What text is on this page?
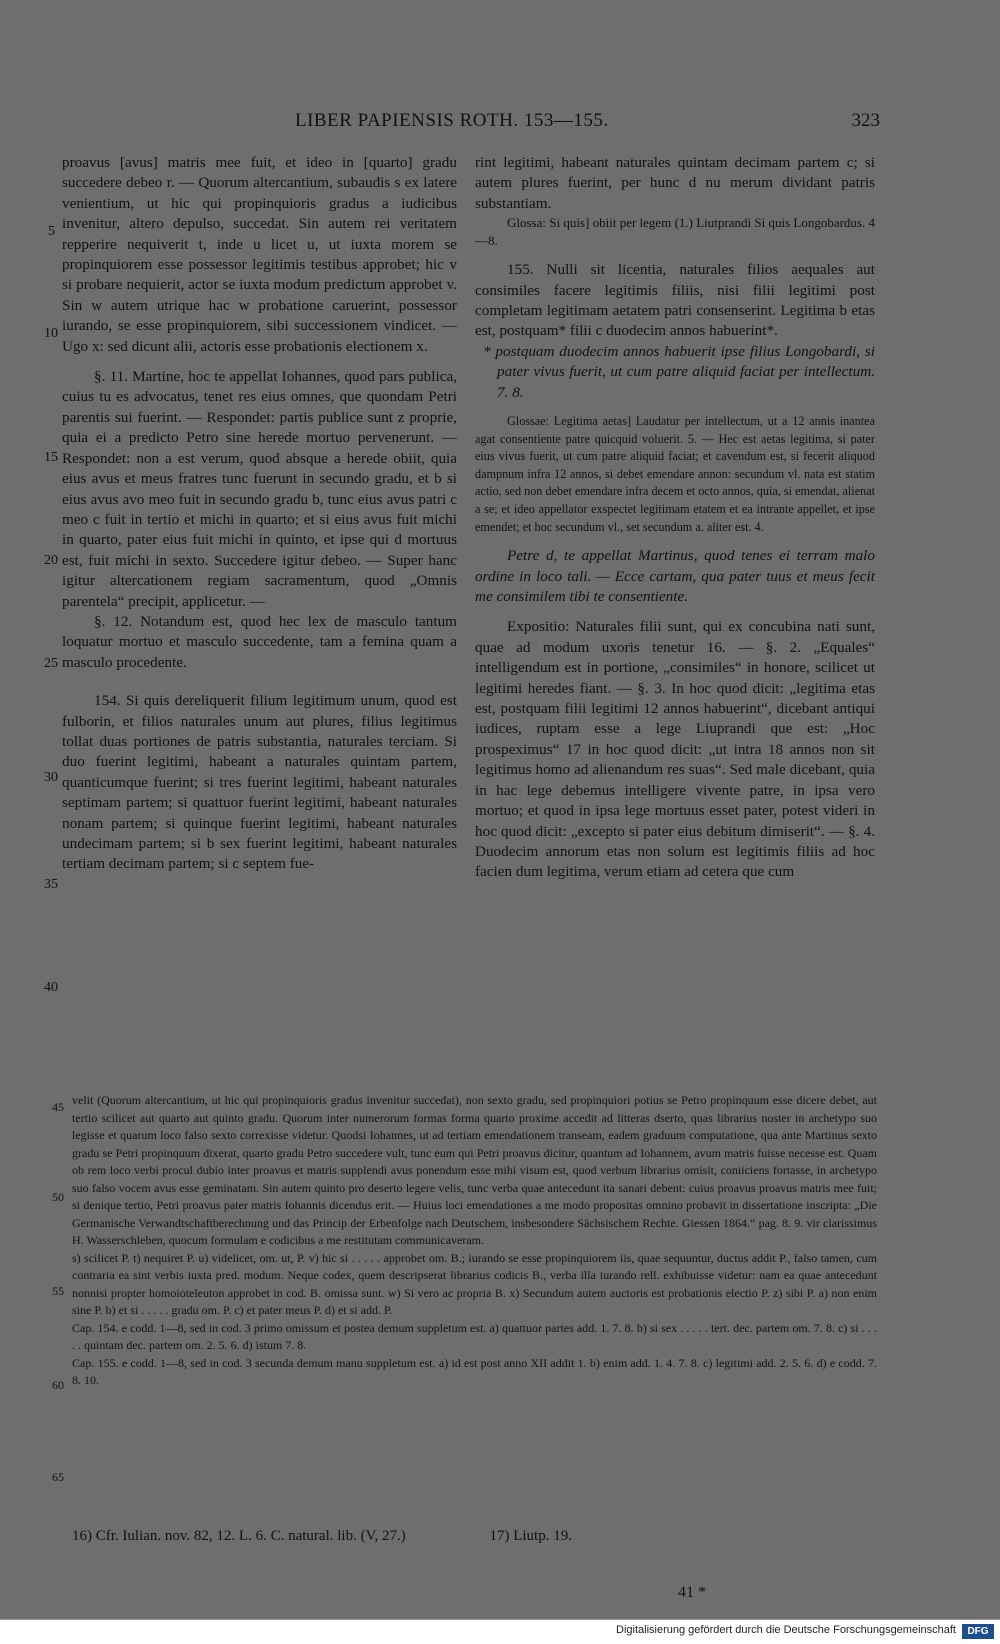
LIBER PAPIENSIS ROTH. 153—155.	323

proavus [avus] matris mee fuit, et ideo in [quarto] gradu succedere debeo r. — Quorum altercantium, subaudis s ex latere venientium, ut hic qui propinquioris gradus a iudicibus invenitur, altero depulso, succedat. Sin autem rei veritatem repperire nequiverit t, inde u licet u, ut iuxta morem se propinquiorem esse possessor legitimis testibus approbet; hic v si probare nequierit, actor se iuxta modum predictum approbet v. Sin w autem utrique hac w probatione caruerint, possessor iurando, se esse propinquiorem, sibi successionem vindicet. — Ugo x: sed dicunt alii, actoris esse probationis electionem x.

§. 11. Martine, hoc te appellat Iohannes, quod pars publica, cuius tu es advocatus, tenet res eius omnes, que quondam Petri parentis sui fuerint. — Respondet: partis publice sunt z proprie, quia ei a predicto Petro sine herede mortuo pervenerunt. — Respondet: non a est verum, quod absque a herede obiit, quia eius avus et meus fratres tunc fuerunt in secundo gradu, et b si eius avus avo meo fuit in secundo gradu b, tunc eius avus patri c meo c fuit in tertio et michi in quarto; et si eius avus fuit michi in quarto, pater eius fuit michi in quinto, et ipse qui d mortuus est, fuit michi in sexto. Succedere igitur debeo. — Super hanc igitur altercationem regiam sacramentum, quod „Omnis parentela“ precipit, applicetur. —

§. 12. Notandum est, quod hec lex de masculo tantum loquatur mortuo et masculo succedente, tam a femina quam a masculo procedente.

154. Si quis dereliquerit filium legitimum unum, quod est fulborin, et filios naturales unum aut plures, filius legitimus tollat duas portiones de patris substantia, naturales terciam. Si duo fuerint legitimi, habeant a naturales quintam partem, quanticumque fuerint; si tres fuerint legitimi, habeant naturales septimam partem; si quattuor fuerint legitimi, habeant naturales nonam partem; si quinque fuerint legitimi, habeant naturales undecimam partem; si b sex fuerint legitimi, habeant naturales tertiam decimam partem; si c septem fue-

5
10
15
20
25
30
35
40

rint legitimi, habeant naturales quintam decimam partem c; si autem plures fuerint, per hunc d nu merum dividant patris substantiam.

Glossa: Si quis] obiit per legem (1.) Liutprandi Si quis Longobardus. 4—8.

155. Nulli sit licentia, naturales filios aequales aut consimiles facere legitimis filiis, nisi filii legitimi post completam legitimam aetatem patri consenserint. Legitima b etas est, postquam* filii c duodecim annos habuerint*.

* postquam duodecim annos habuerit ipse filius Longobardi, si pater vivus fuerit, ut cum patre aliquid faciat per intellectum. 7. 8.

Glossae: Legitima aetas] Laudatur per intellectum, ut a 12 annis inantea agat consentiente patre quicquid voluerit. 5. — Hec est aetas legitima, si pater eius vivus fuerit, ut cum patre aliquid faciat; et cavendum est, si fecerit aliquod dampnum infra 12 annos, si debet emendare annon: secundum vl. nata est statim actio, sed non debet emendare infra decem et octo annos, quia, si emendat, alienat a se; et ideo appellator exspectet legitimam etatem et ea intrante appellet, et ipse emendet; et hoc secundum vl., set secundum a. aliter est. 4.

Petre d, te appellat Martinus, quod tenes ei terram malo ordine in loco tali. — Ecce cartam, qua pater tuus et meus fecit me consimilem tibi te consentiente.

Expositio: Naturales filii sunt, qui ex concubina nati sunt, quae ad modum uxoris tenetur 16. — §. 2. „Equales“ intelligendum est in portione, „consimiles“ in honore, scilicet ut legitimi heredes fiant. — §. 3. In hoc quod dicit: „legitima etas est, postquam filii legitimi 12 annos habuerint“, dicebant antiqui iudices, ruptam esse a lege Liuprandi que est: „Hoc prospeximus“ 17 in hoc quod dicit: „ut intra 18 annos non sit legitimus homo ad alienandum res suas“. Sed male dicebant, quia in hac lege debemus intelligere vivente patre, in ipsa vero mortuo; et quod in ipsa lege mortuus esset pater, potest videri in hoc quod dicit: „excepto si pater eius debitum dimiserit“. — §. 4. Duodecim annorum etas non solum est legitimis filiis ad hoc facien dum legitima, verum etiam ad cetera que cum

velit (Quorum altercantium, ut hic qui propinquioris gradus invenitur succedat), non sexto gradu, sed propinquiori potius se Petro propinquum esse dicere debet, aut tertio scilicet aut quarto aut quinto gradu. Quorum inter numerorum formas forma quarto proxime accedit ad litteras dserto, quas librarius noster in archetypo suo legisse et quarum loco falso sexto correxisse videtur. Quodsi Iohannes, ut ad tertiam emendationem transeam, eadem graduum computatione, qua ante Martinus sexto gradu se Petri propinquum dixerat, quarto gradu Petro succedere vult, tunc eum qui Petri proavus dicitur, quantum ad Iohannem, avum matris fuisse necesse est. Quam ob rem loco verbi procul dubio inter proavus et matris supplendi avus ponendum esse mihi visum est, quod verbum librarius omisit, coniiciens fortasse, in archetypo suo falso vocem avus esse geminatam. Sin autem quinto pro deserto legere velis, tunc verba quae antecedunt ita sanari debent: cuius proavus proavus matris mee fuit; si denique tertio, Petri proavus pater matris Iohannis dicendus erit. — Huius loci emendationes a me modo propositas omnino probavit in dissertatione inscripta: „Die Germanische Verwandtschaftberechnung und das Princip der Erbenfolge nach Deutschem, insbesondere Sächsischem Rechte. Giessen 1864.“ pag. 8. 9. vir clarissimus H. Wasserschleben, quocum formulam e codicibus a me restitutam communicaveram.

s) scilicet P. t) nequiret P. u) videlicet, om. ut, P. v) hic si . . . . . approbet om. B.; iurando se esse propinquiorem iis, quae sequuntur, ductus addit P., falso tamen, cum contraria ea sint verbis iuxta pred. modum. Neque codex, quem descripserat librarius codicis B., verba illa iurando rell. exhibuisse videtur: nam ea quae antecedunt nonnisi propter homoioteleuton approbet in cod. B. omissa sunt. w) Si vero ac propria B. x) Secundum autem auctoris est probationis electio P. z) sibi P. a) non enim sine P. b) et si . . . . . gradu om. P. c) et pater meus P. d) et si add. P.

Cap. 154. e codd. 1—8, sed in cod. 3 primo omissum et postea demum suppletum est. a) quattuor partes add. 1. 7. 8. b) si sex . . . . . tert. dec. partem om. 7. 8. c) si . . . . . quintam dec. partem om. 2. 5. 6. d) istum 7. 8.

Cap. 155. e codd. 1—8, sed in cod. 3 secunda demum manu suppletum est. a) id est post anno XII addit 1. b) enim add. 1. 4. 7. 8. c) legitimi add. 2. 5. 6. d) e codd. 7. 8. 10.

45
50
55
60
65
16) Cfr. Iulian. nov. 82, 12. L. 6. C. natural. lib. (V, 27.)	17) Liutp. 19.
41 *
Digitalisierung gefördert durch die Deutsche Forschungsgemeinschaft	DFG
